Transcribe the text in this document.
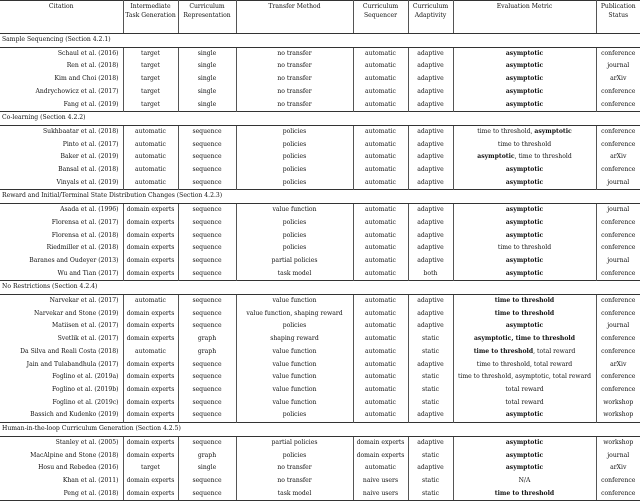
Citation	Intermediate Task Generation	Curriculum Representation	Transfer Method	Curriculum Sequencer	Curriculum Adaptivity	Evaluation Metric	Publication Status
Sample Sequencing (Section 4.2.1)							
Schaul et al. (2016)	target	single	no transfer	automatic	adaptive	asymptotic	conference
Ren et al. (2018)	target	single	no transfer	automatic	adaptive	asymptotic	journal
Kim and Choi (2018)	target	single	no transfer	automatic	adaptive	asymptotic	arXiv
Andrychowicz et al. (2017)	target	single	no transfer	automatic	adaptive	asymptotic	conference
Fang et al. (2019)	target	single	no transfer	automatic	adaptive	asymptotic	conference
Co-learning (Section 4.2.2)							
Sukhbaatar et al. (2018)	automatic	sequence	policies	automatic	adaptive	time to threshold, asymptotic	conference
Pinto et al. (2017)	automatic	sequence	policies	automatic	adaptive	time to threshold	conference
Baker et al. (2019)	automatic	sequence	policies	automatic	adaptive	asymptotic, time to threshold	arXiv
Bansal et al. (2018)	automatic	sequence	policies	automatic	adaptive	asymptotic	conference
Vinyals et al. (2019)	automatic	sequence	policies	automatic	adaptive	asymptotic	journal
Reward and Initial/Terminal State Distribution Changes (Section 4.2.3)							
Asada et al. (1996)	domain experts	sequence	value function	automatic	adaptive	asymptotic	journal
Florensa et al. (2017)	domain experts	sequence	policies	automatic	adaptive	asymptotic	conference
Florensa et al. (2018)	domain experts	sequence	policies	automatic	adaptive	asymptotic	conference
Riedmiller et al. (2018)	domain experts	sequence	policies	automatic	adaptive	time to threshold	conference
Baranes and Oudeyer (2013)	domain experts	sequence	partial policies	automatic	adaptive	asymptotic	journal
Wu and Tian (2017)	domain experts	sequence	task model	automatic	both	asymptotic	conference
No Restrictions (Section 4.2.4)							
Narvekar et al. (2017)	automatic	sequence	value function	automatic	adaptive	time to threshold	conference
Narvekar and Stone (2019)	domain experts	sequence	value function, shaping reward	automatic	adaptive	time to threshold	conference
Matiisen et al. (2017)	domain experts	sequence	policies	automatic	adaptive	asymptotic	journal
Svetlik et al. (2017)	domain experts	graph	shaping reward	automatic	static	asymptotic, time to threshold	conference
Da Silva and Reali Costa (2018)	automatic	graph	value function	automatic	static	time to threshold, total reward	conference
Jain and Tulabandhula (2017)	domain experts	sequence	value function	automatic	adaptive	time to threshold, total reward	arXiv
Foglino et al. (2019a)	domain experts	sequence	value function	automatic	static	time to threshold, asymptotic, total reward	conference
Foglino et al. (2019b)	domain experts	sequence	value function	automatic	static	total reward	conference
Foglino et al. (2019c)	domain experts	sequence	value function	automatic	static	total reward	workshop
Bassich and Kudenko (2019)	domain experts	sequence	policies	automatic	adaptive	asymptotic	workshop
Human-in-the-loop Curriculum Generation (Section 4.2.5)							
Stanley et al. (2005)	domain experts	sequence	partial policies	domain experts	adaptive	asymptotic	workshop
MacAlpine and Stone (2018)	domain experts	graph	policies	domain experts	static	asymptotic	journal
Hosu and Rebedea (2016)	target	single	no transfer	automatic	adaptive	asymptotic	arXiv
Khan et al. (2011)	domain experts	sequence	no transfer	naive users	static	N/A	conference
Peng et al. (2018)	domain experts	sequence	task model	naive users	static	time to threshold	conference
